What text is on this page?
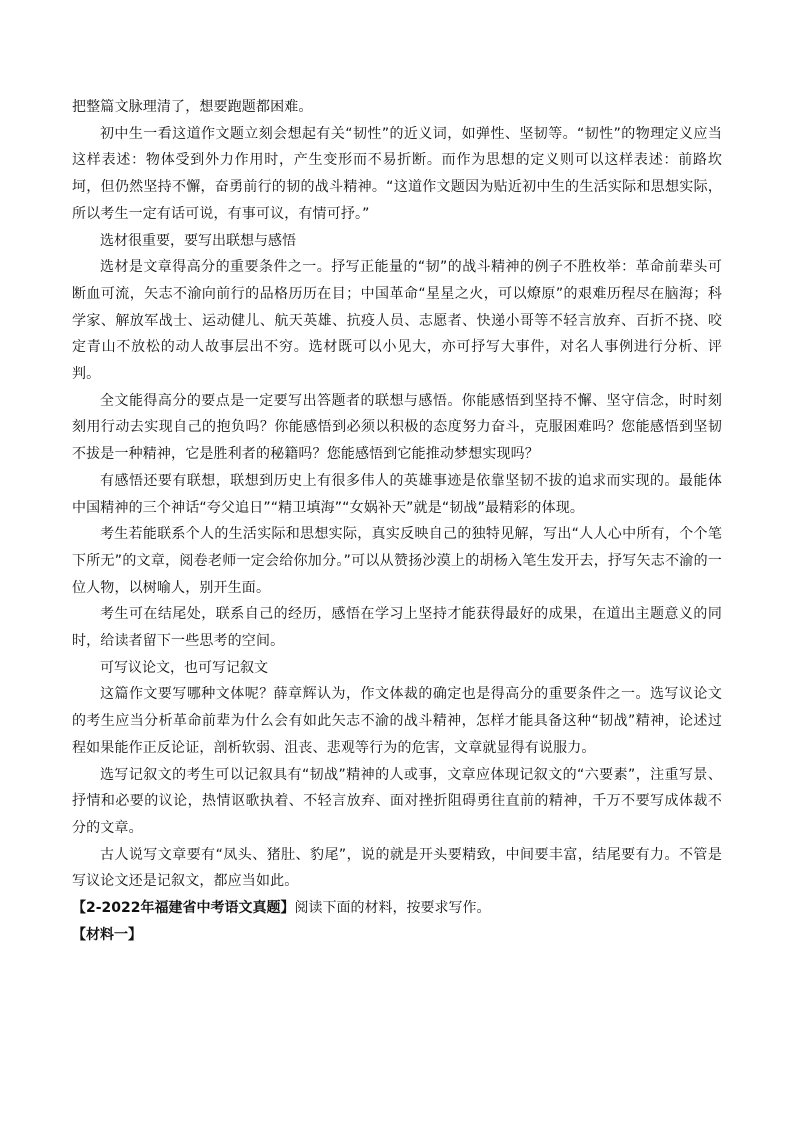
把整篇文脉理清了，想要跑题都困难。

初中生一看这道作文题立刻会想起有关“韧性”的近义词，如弹性、坚韧等。“韧性”的物理定义应当这样表述：物体受到外力作用时，产生变形而不易折断。而作为思想的定义则可以这样表述：前路坎坷，但仍然坚持不懈，奋勇前行的韧的战斗精神。“这道作文题因为贴近初中生的生活实际和思想实际，所以考生一定有话可说，有事可议，有情可抒。”

选材很重要，要写出联想与感悟

选材是文章得高分的重要条件之一。抒写正能量的“韧”的战斗精神的例子不胜枚举：革命前辈头可断血可流，矢志不渝向前行的品格历历在目；中国革命“星星之火，可以燎原”的艰难历程尽在脑海；科学家、解放军战士、运动健儿、航天英雄、抗疫人员、志愿者、快递小哥等不轻言放弃、百折不挠、咬定青山不放松的动人故事层出不穷。选材既可以小见大，亦可抒写大事件，对名人事例进行分析、评判。

全文能得高分的要点是一定要写出答题者的联想与感悟。你能感悟到坚持不懈、坚守信念，时时刻刻用行动去实现自己的抱负吗？你能感悟到必须以积极的态度努力奋斗，克服困难吗？您能感悟到坚韧不拔是一种精神，它是胜利者的秘籍吗？您能感悟到它能推动梦想实现吗？

有感悟还要有联想，联想到历史上有很多伟人的英雄事迹是依靠坚韧不拔的追求而实现的。最能体中国精神的三个神话“夸父追日”“精卫填海”“女娲补天”就是“韧战”最精彩的体现。

考生若能联系个人的生活实际和思想实际，真实反映自己的独特见解，写出“人人心中所有，个个笔下所无”的文章，阅卷老师一定会给你加分。”可以从赞扬沙漠上的胡杨入笔生发开去，抒写矢志不渝的一位人物，以树喻人，别开生面。

考生可在结尾处，联系自己的经历，感悟在学习上坚持才能获得最好的成果，在道出主题意义的同时，给读者留下一些思考的空间。

可写议论文，也可写记叙文

这篇作文要写哪种文体呢？薛章辉认为，作文体裁的确定也是得高分的重要条件之一。选写议论文的考生应当分析革命前辈为什么会有如此矢志不渝的战斗精神，怎样才能具备这种“韧战”精神，论述过程如果能作正反论证，剖析软弱、沮丧、悲观等行为的危害，文章就显得有说服力。

选写记叙文的考生可以记叙具有“韧战”精神的人或事，文章应体现记叙文的“六要素”，注重写景、抒情和必要的议论，热情讴歌执着、不轻言放弃、面对挫折阻碍勇往直前的精神，千万不要写成体裁不分的文章。

古人说写文章要有“凤头、猪肚、豹尾”，说的就是开头要精致，中间要丰富，结尾要有力。不管是写议论文还是记叙文，都应当如此。

【2-2022年福建省中考语文真题】阅读下面的材料，按要求写作。

【材料一】
